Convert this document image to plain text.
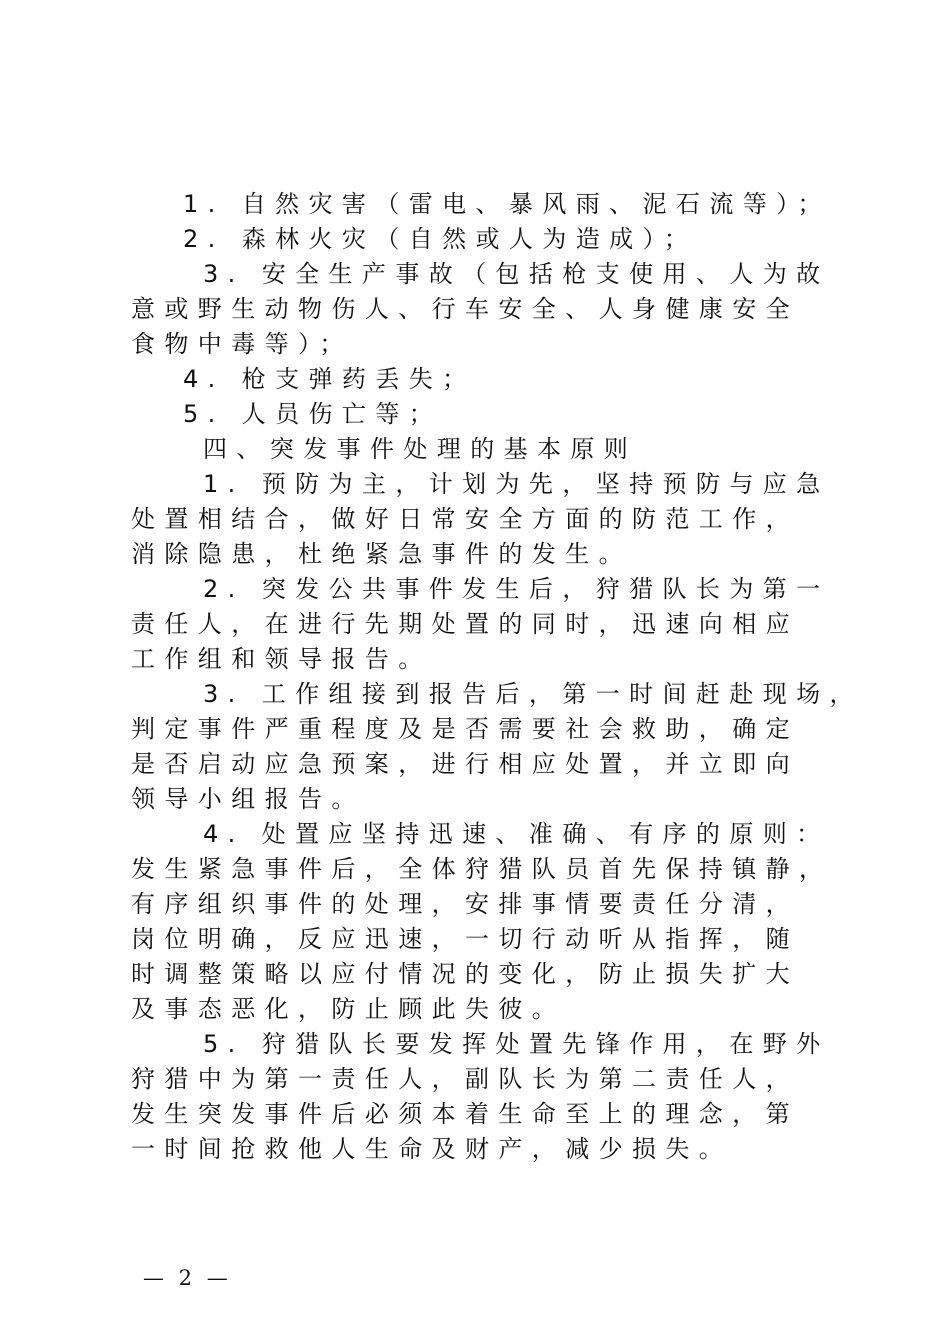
1. 自然灾害（雷电、暴风雨、泥石流等）；
2. 森林火灾（自然或人为造成）；
3. 安全生产事故（包括枪支使用、人为故
意或野生动物伤人、行车安全、人身健康安全
食物中毒等）；
4. 枪支弹药丢失；
5. 人员伤亡等；
四、突发事件处理的基本原则
1. 预防为主，计划为先，坚持预防与应急
处置相结合，做好日常安全方面的防范工作，
消除隐患，杜绝紧急事件的发生。
2. 突发公共事件发生后，狩猎队长为第一
责任人，在进行先期处置的同时，迅速向相应
工作组和领导报告。
3. 工作组接到报告后，第一时间赶赴现场，
判定事件严重程度及是否需要社会救助，确定
是否启动应急预案，进行相应处置，并立即向
领导小组报告。
4. 处置应坚持迅速、准确、有序的原则：
发生紧急事件后，全体狩猎队员首先保持镇静，
有序组织事件的处理，安排事情要责任分清，
岗位明确，反应迅速，一切行动听从指挥，随
时调整策略以应付情况的变化，防止损失扩大
及事态恶化，防止顾此失彼。
5. 狩猎队长要发挥处置先锋作用，在野外
狩猎中为第一责任人，副队长为第二责任人，
发生突发事件后必须本着生命至上的理念，第
一时间抢救他人生命及财产，减少损失。
— 2 —
